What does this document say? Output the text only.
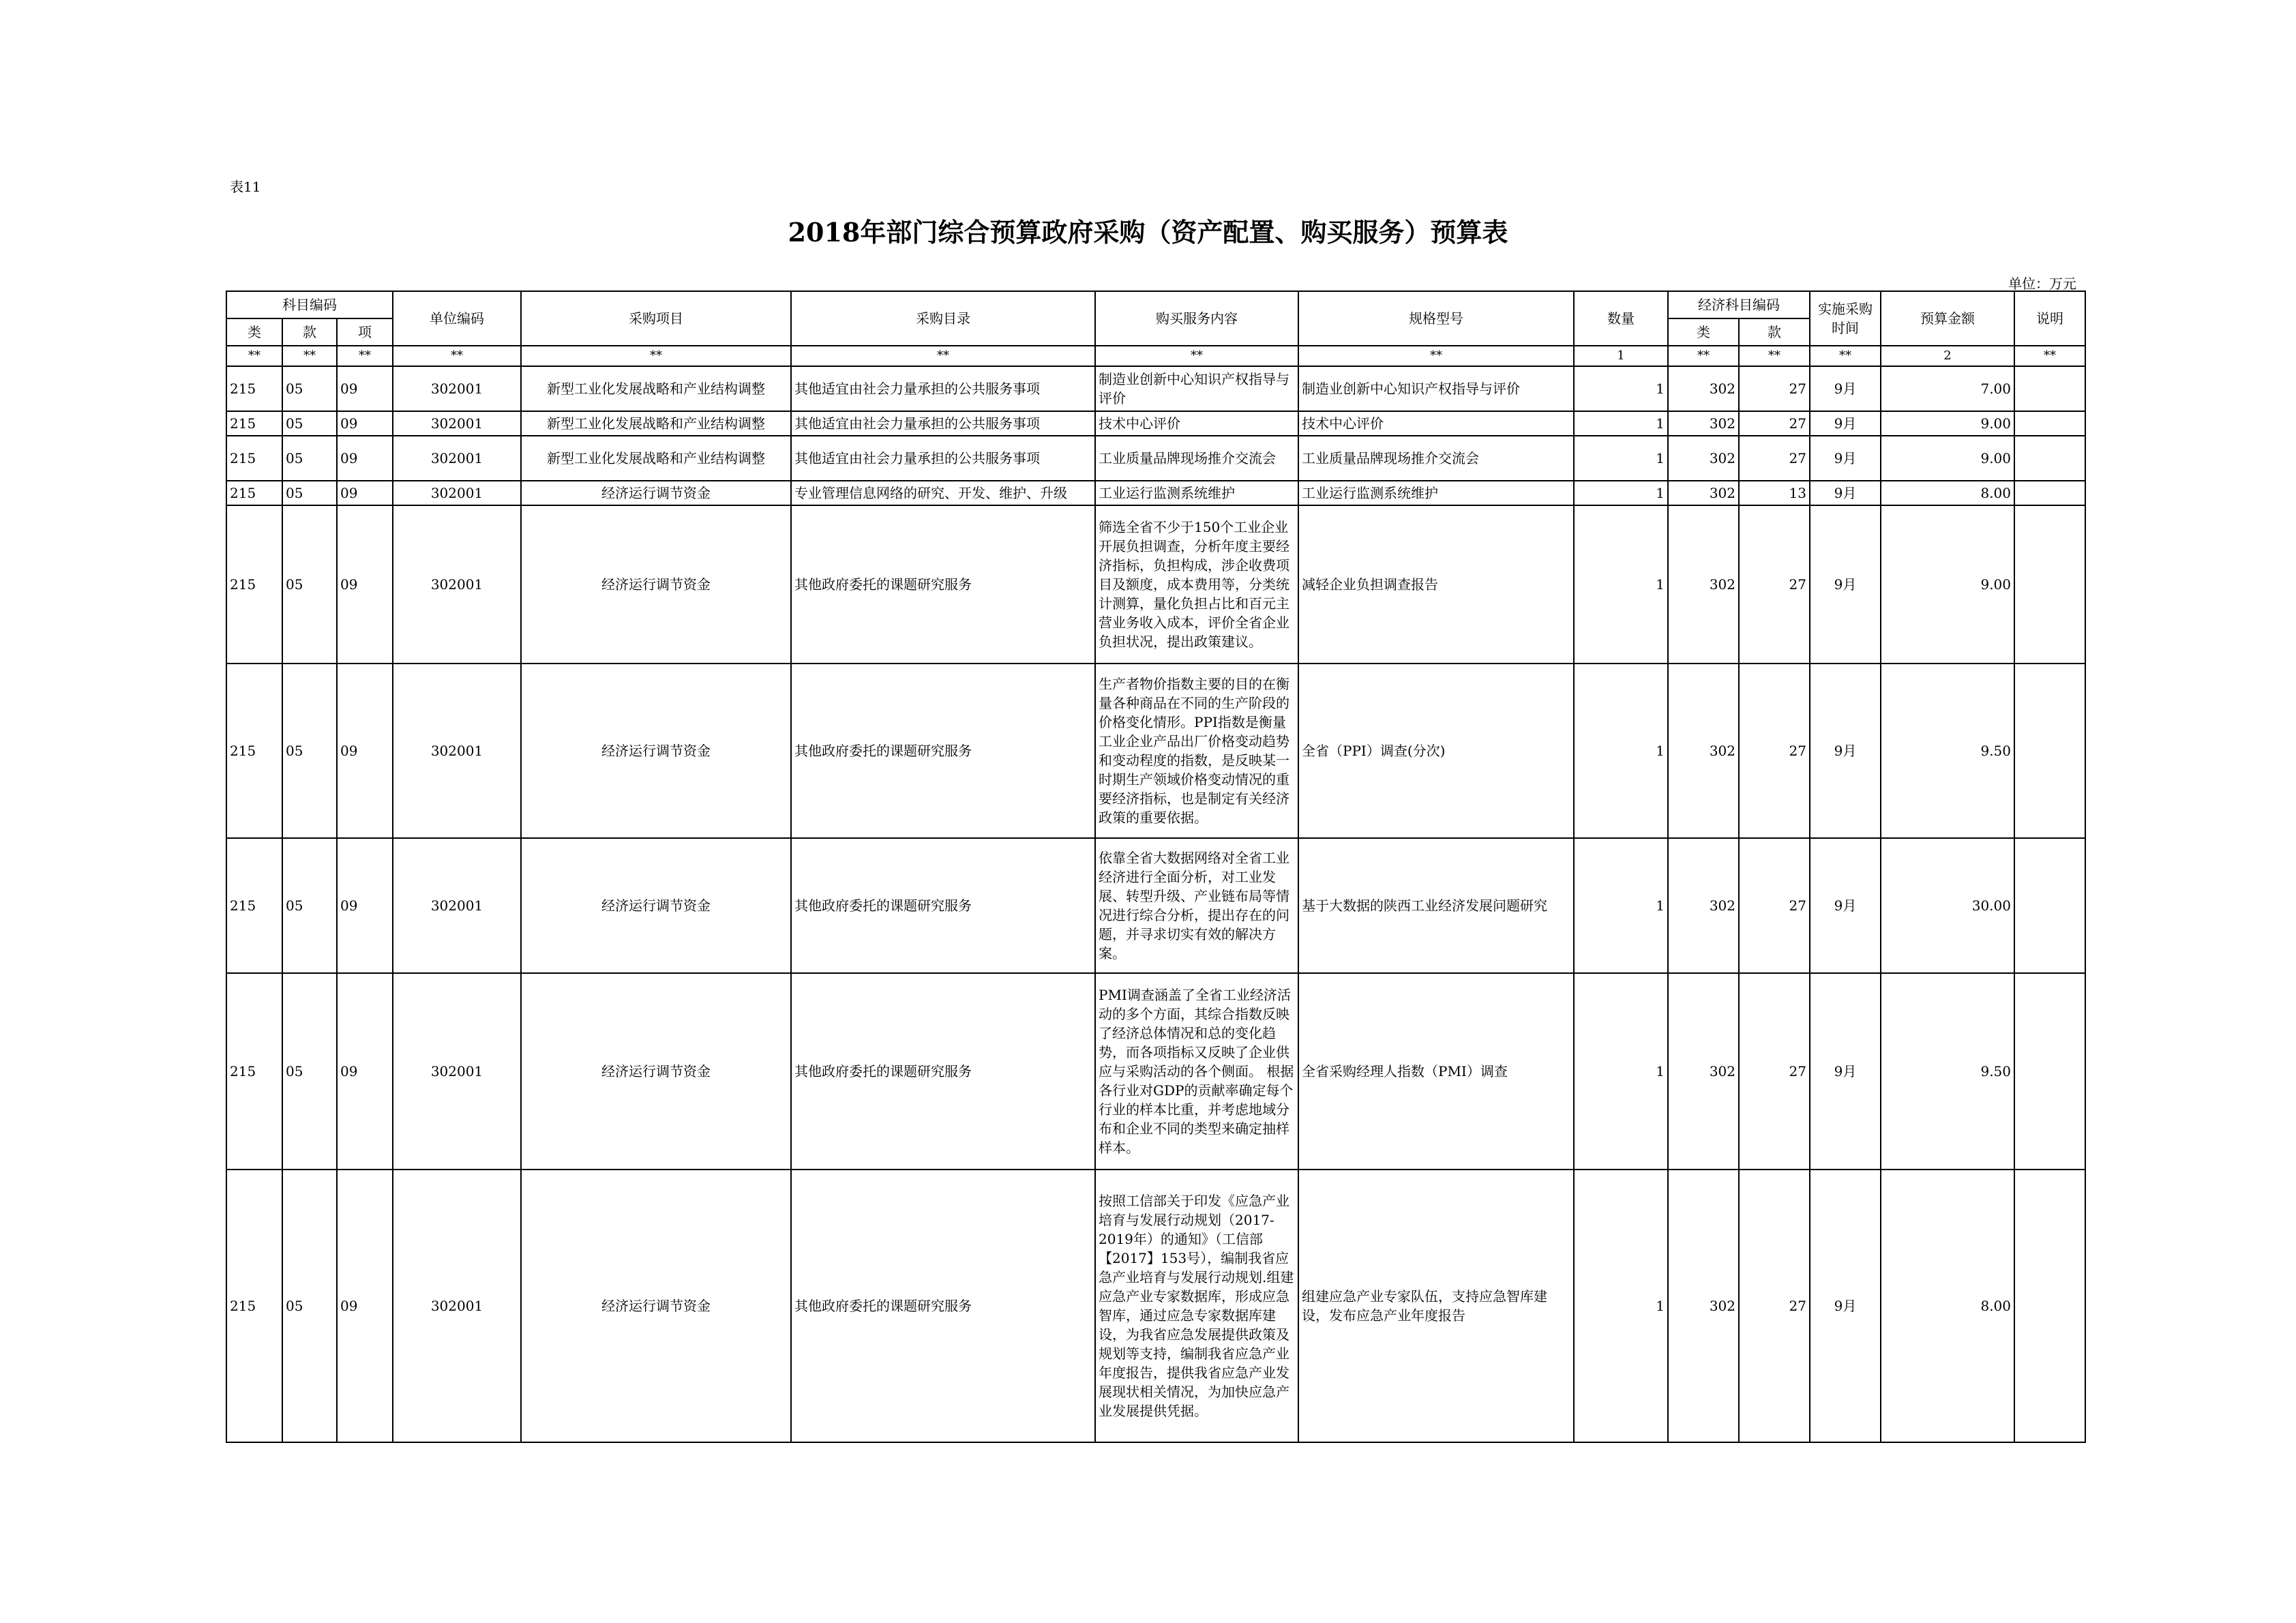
表11
2018年部门综合预算政府采购（资产配置、购买服务）预算表
单位：万元
科目编码			单位编码	采购项目	采购目录	购买服务内容	规格型号	数量	经济科目编码		实施采购时间	预算金额	说明
类	款	项							类	款			
**	**	**	**	**	**	**	**	1	**	**	**	2	**
215	05	09	302001	新型工业化发展战略和产业结构调整	其他适宜由社会力量承担的公共服务事项	制造业创新中心知识产权指导与评价	制造业创新中心知识产权指导与评价	1	302	27	9月	7.00	
215	05	09	302001	新型工业化发展战略和产业结构调整	其他适宜由社会力量承担的公共服务事项	技术中心评价	技术中心评价	1	302	27	9月	9.00	
215	05	09	302001	新型工业化发展战略和产业结构调整	其他适宜由社会力量承担的公共服务事项	工业质量品牌现场推介交流会	工业质量品牌现场推介交流会	1	302	27	9月	9.00	
215	05	09	302001	经济运行调节资金	专业管理信息网络的研究、开发、维护、升级	工业运行监测系统维护	工业运行监测系统维护	1	302	13	9月	8.00	
215	05	09	302001	经济运行调节资金	其他政府委托的课题研究服务	筛选全省不少于150个工业企业开展负担调查，分析年度主要经济指标，负担构成，涉企收费项目及额度，成本费用等，分类统计测算，量化负担占比和百元主营业务收入成本，评价全省企业负担状况，提出政策建议。	减轻企业负担调查报告	1	302	27	9月	9.00	
215	05	09	302001	经济运行调节资金	其他政府委托的课题研究服务	生产者物价指数主要的目的在衡量各种商品在不同的生产阶段的价格变化情形。PPI指数是衡量工业企业产品出厂价格变动趋势和变动程度的指数，是反映某一时期生产领域价格变动情况的重要经济指标，也是制定有关经济政策的重要依据。	全省（PPI）调查(分次)	1	302	27	9月	9.50	
215	05	09	302001	经济运行调节资金	其他政府委托的课题研究服务	依靠全省大数据网络对全省工业经济进行全面分析，对工业发展、转型升级、产业链布局等情况进行综合分析，提出存在的问题，并寻求切实有效的解决方案。	基于大数据的陕西工业经济发展问题研究	1	302	27	9月	30.00	
215	05	09	302001	经济运行调节资金	其他政府委托的课题研究服务	PMI调查涵盖了全省工业经济活动的多个方面，其综合指数反映了经济总体情况和总的变化趋势，而各项指标又反映了企业供应与采购活动的各个侧面。 根据各行业对GDP的贡献率确定每个行业的样本比重，并考虑地域分布和企业不同的类型来确定抽样样本。	全省采购经理人指数（PMI）调查	1	302	27	9月	9.50	
215	05	09	302001	经济运行调节资金	其他政府委托的课题研究服务	按照工信部关于印发《应急产业培育与发展行动规划（2017-2019年）的通知》（工信部【2017】153号），编制我省应急产业培育与发展行动规划.组建应急产业专家数据库，形成应急智库，通过应急专家数据库建设，为我省应急发展提供政策及规划等支持，编制我省应急产业年度报告，提供我省应急产业发展现状相关情况，为加快应急产业发展提供凭据。	组建应急产业专家队伍，支持应急智库建设，发布应急产业年度报告	1	302	27	9月	8.00	
